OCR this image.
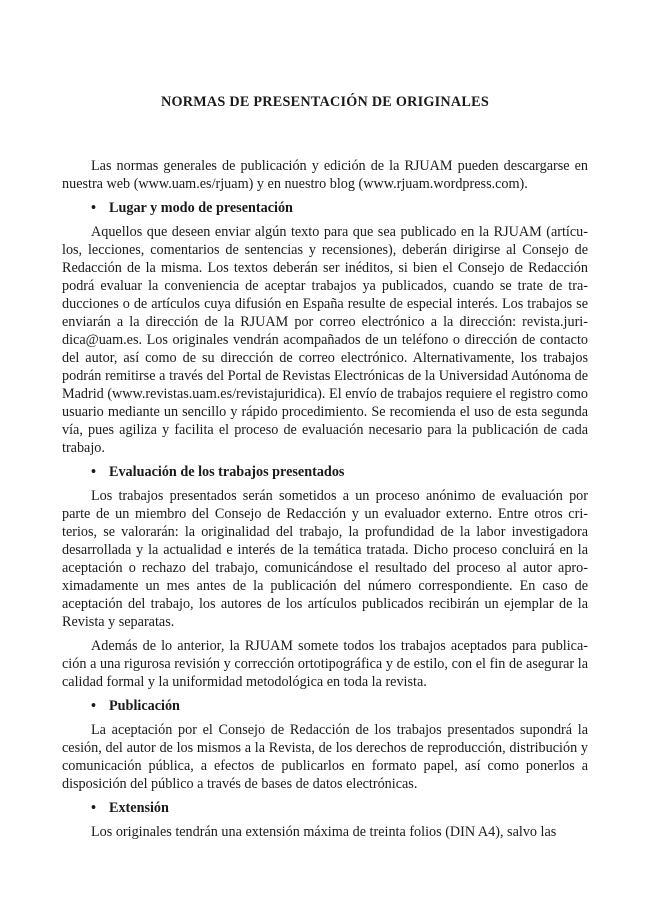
NORMAS DE PRESENTACIÓN DE ORIGINALES

Las normas generales de publicación y edición de la RJUAM pueden descargarse en nuestra web (www.uam.es/rjuam) y en nuestro blog (www.rjuam.wordpress.com).

• Lugar y modo de presentación

Aquellos que deseen enviar algún texto para que sea publicado en la RJUAM (artículos, lecciones, comentarios de sentencias y recensiones), deberán dirigirse al Consejo de Redacción de la misma. Los textos deberán ser inéditos, si bien el Consejo de Redacción podrá evaluar la conveniencia de aceptar trabajos ya publicados, cuando se trate de traducciones o de artículos cuya difusión en España resulte de especial interés. Los trabajos se enviarán a la dirección de la RJUAM por correo electrónico a la dirección: revista.juridica@uam.es. Los originales vendrán acompañados de un teléfono o dirección de contacto del autor, así como de su dirección de correo electrónico. Alternativamente, los trabajos podrán remitirse a través del Portal de Revistas Electrónicas de la Universidad Autónoma de Madrid (www.revistas.uam.es/revistajuridica). El envío de trabajos requiere el registro como usuario mediante un sencillo y rápido procedimiento. Se recomienda el uso de esta segunda vía, pues agiliza y facilita el proceso de evaluación necesario para la publicación de cada trabajo.

• Evaluación de los trabajos presentados

Los trabajos presentados serán sometidos a un proceso anónimo de evaluación por parte de un miembro del Consejo de Redacción y un evaluador externo. Entre otros criterios, se valorarán: la originalidad del trabajo, la profundidad de la labor investigadora desarrollada y la actualidad e interés de la temática tratada. Dicho proceso concluirá en la aceptación o rechazo del trabajo, comunicándose el resultado del proceso al autor aproximadamente un mes antes de la publicación del número correspondiente. En caso de aceptación del trabajo, los autores de los artículos publicados recibirán un ejemplar de la Revista y separatas.

Además de lo anterior, la RJUAM somete todos los trabajos aceptados para publicación a una rigurosa revisión y corrección ortotipográfica y de estilo, con el fin de asegurar la calidad formal y la uniformidad metodológica en toda la revista.

• Publicación

La aceptación por el Consejo de Redacción de los trabajos presentados supondrá la cesión, del autor de los mismos a la Revista, de los derechos de reproducción, distribución y comunicación pública, a efectos de publicarlos en formato papel, así como ponerlos a disposición del público a través de bases de datos electrónicas.

• Extensión

Los originales tendrán una extensión máxima de treinta folios (DIN A4), salvo las
